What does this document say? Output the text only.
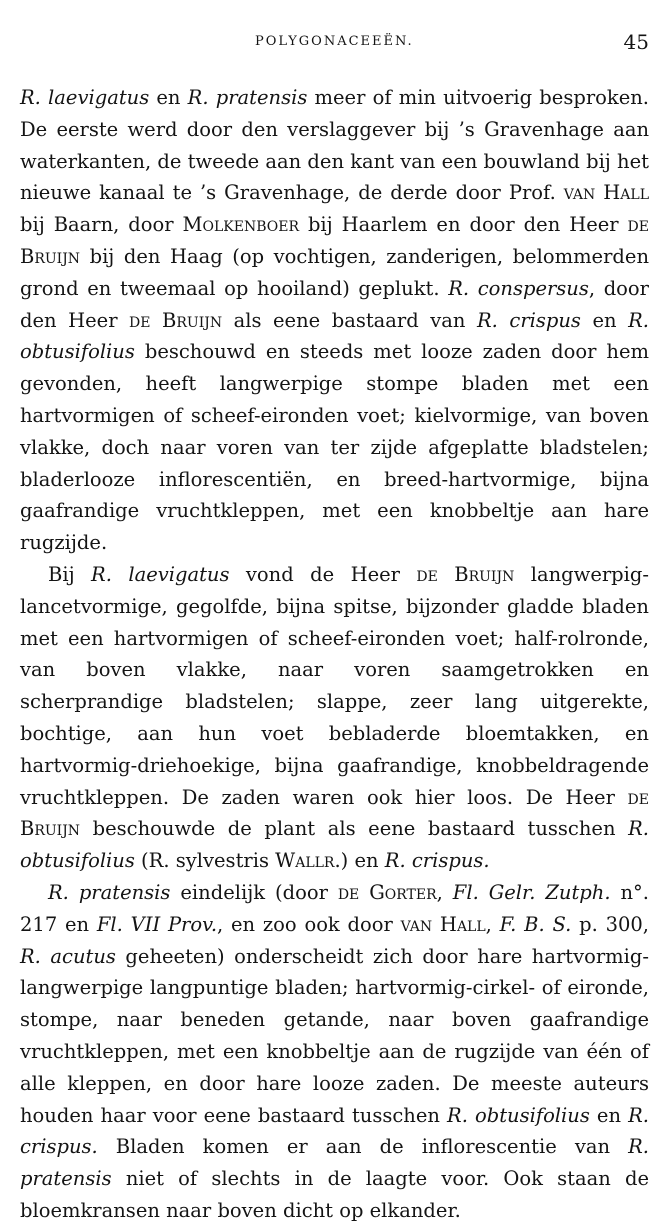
POLYGONACEEËN.	45

R. laevigatus en R. pratensis meer of min uitvoerig besproken. De eerste werd door den verslaggever bij ’s Gravenhage aan waterkanten, de tweede aan den kant van een bouwland bij het nieuwe kanaal te ’s Gravenhage, de derde door Prof. van Hall bij Baarn, door Molkenboer bij Haarlem en door den Heer de Bruijn bij den Haag (op vochtigen, zanderigen, belommerden grond en tweemaal op hooiland) geplukt. R. conspersus, door den Heer de Bruijn als eene bastaard van R. crispus en R. obtusifolius beschouwd en steeds met looze zaden door hem gevonden, heeft langwerpige stompe bladen met een hartvormigen of scheef-eironden voet; kielvormige, van boven vlakke, doch naar voren van ter zijde afgeplatte bladstelen; bladerlooze inflorescentiën, en breed-hartvormige, bijna gaafrandige vruchtkleppen, met een knobbeltje aan hare rugzijde.

Bij R. laevigatus vond de Heer de Bruijn langwerpig-lancetvormige, gegolfde, bijna spitse, bijzonder gladde bladen met een hartvormigen of scheef-eironden voet; half-rolronde, van boven vlakke, naar voren saamgetrokken en scherprandige bladstelen; slappe, zeer lang uitgerekte, bochtige, aan hun voet bebladerde bloemtakken, en hartvormig-driehoekige, bijna gaafrandige, knobbeldragende vruchtkleppen. De zaden waren ook hier loos. De Heer de Bruijn beschouwde de plant als eene bastaard tusschen R. obtusifolius (R. sylvestris Wallr.) en R. crispus.

R. pratensis eindelijk (door de Gorter, Fl. Gelr. Zutph. n°. 217 en Fl. VII Prov., en zoo ook door van Hall, F. B. S. p. 300, R. acutus geheeten) onderscheidt zich door hare hartvormig-langwerpige langpuntige bladen; hartvormig-cirkel- of eironde, stompe, naar beneden getande, naar boven gaafrandige vruchtkleppen, met een knobbeltje aan de rugzijde van één of alle kleppen, en door hare looze zaden. De meeste auteurs houden haar voor eene bastaard tusschen R. obtusifolius en R. crispus. Bladen komen er aan de inflorescentie van R. pratensis niet of slechts in de laagte voor. Ook staan de bloemkransen naar boven dicht op elkander.
